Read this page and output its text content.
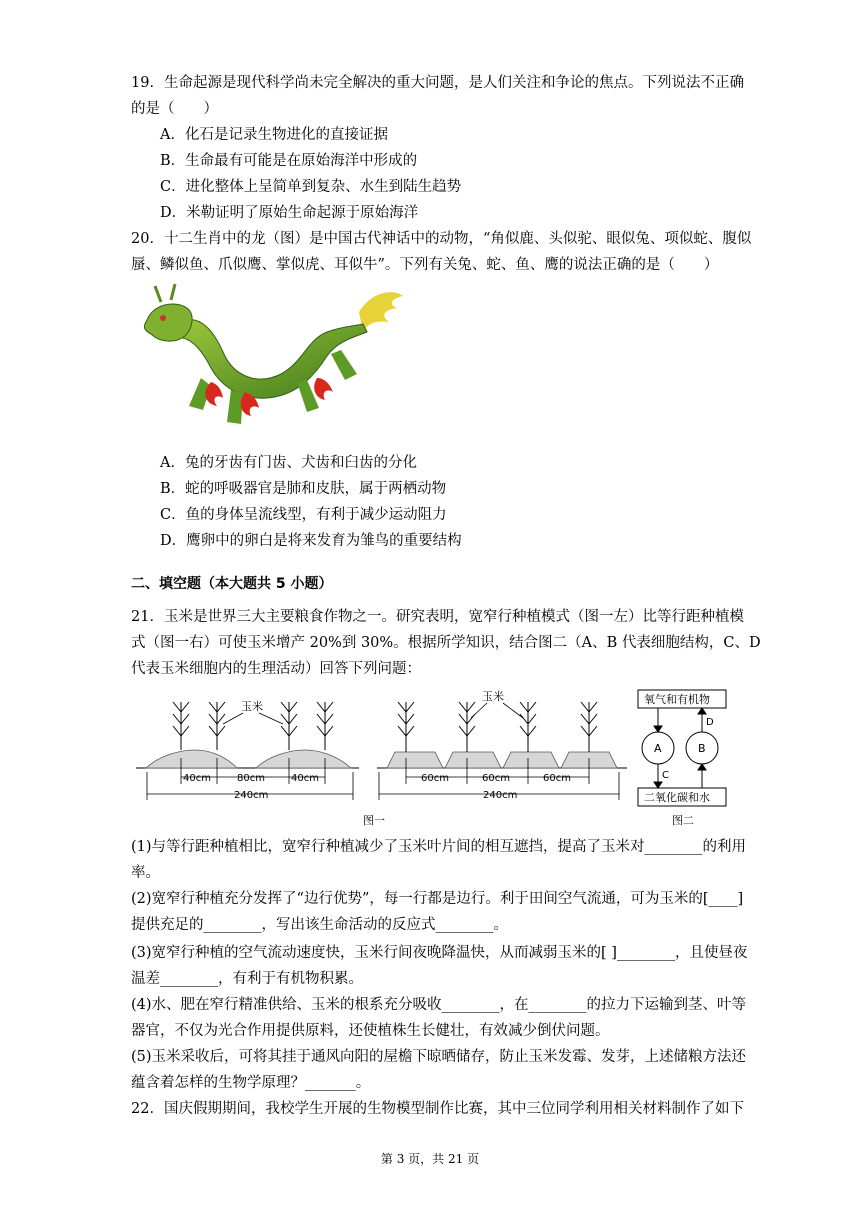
19．生命起源是现代科学尚未完全解决的重大问题，是人们关注和争论的焦点。下列说法不正确
的是（　　）
A．化石是记录生物进化的直接证据
B．生命最有可能是在原始海洋中形成的
C．进化整体上呈简单到复杂、水生到陆生趋势
D．米勒证明了原始生命起源于原始海洋
20．十二生肖中的龙（图）是中国古代神话中的动物，“角似鹿、头似驼、眼似兔、项似蛇、腹似
蜃、鳞似鱼、爪似鹰、掌似虎、耳似牛”。下列有关兔、蛇、鱼、鹰的说法正确的是（　　）
A．兔的牙齿有门齿、犬齿和臼齿的分化
B．蛇的呼吸器官是肺和皮肤，属于两栖动物
C．鱼的身体呈流线型，有利于减少运动阻力
D．鹰卵中的卵白是将来发育为雏鸟的重要结构
二、填空题（本大题共 5 小题）
21．玉米是世界三大主要粮食作物之一。研究表明，宽窄行种植模式（图一左）比等行距种植模
式（图一右）可使玉米增产 20%到 30%。根据所学知识，结合图二（A、B 代表细胞结构，C、D
代表玉米细胞内的生理活动）回答下列问题：
玉米
40cm	80cm	40cm
240cm
玉米
60cm	60cm	60cm
240cm
图一
氧气和有机物
二氧化碳和水
A	B
D
C
图二
(1)与等行距种植相比，宽窄行种植减少了玉米叶片间的相互遮挡，提高了玉米对________的利用
率。
(2)宽窄行种植充分发挥了“边行优势”，每一行都是边行。利于田间空气流通，可为玉米的[____]
提供充足的________，写出该生命活动的反应式________。
(3)宽窄行种植的空气流动速度快，玉米行间夜晚降温快，从而减弱玉米的[ ]________，且使昼夜
温差________，有利于有机物积累。
(4)水、肥在窄行精准供给、玉米的根系充分吸收________，在________的拉力下运输到茎、叶等
器官，不仅为光合作用提供原料，还使植株生长健壮，有效减少倒伏问题。
(5)玉米采收后，可将其挂于通风向阳的屋檐下晾晒储存，防止玉米发霉、发芽，上述储粮方法还
蕴含着怎样的生物学原理？_______。
22．国庆假期期间，我校学生开展的生物模型制作比赛，其中三位同学利用相关材料制作了如下
第 3 页，共 21 页
